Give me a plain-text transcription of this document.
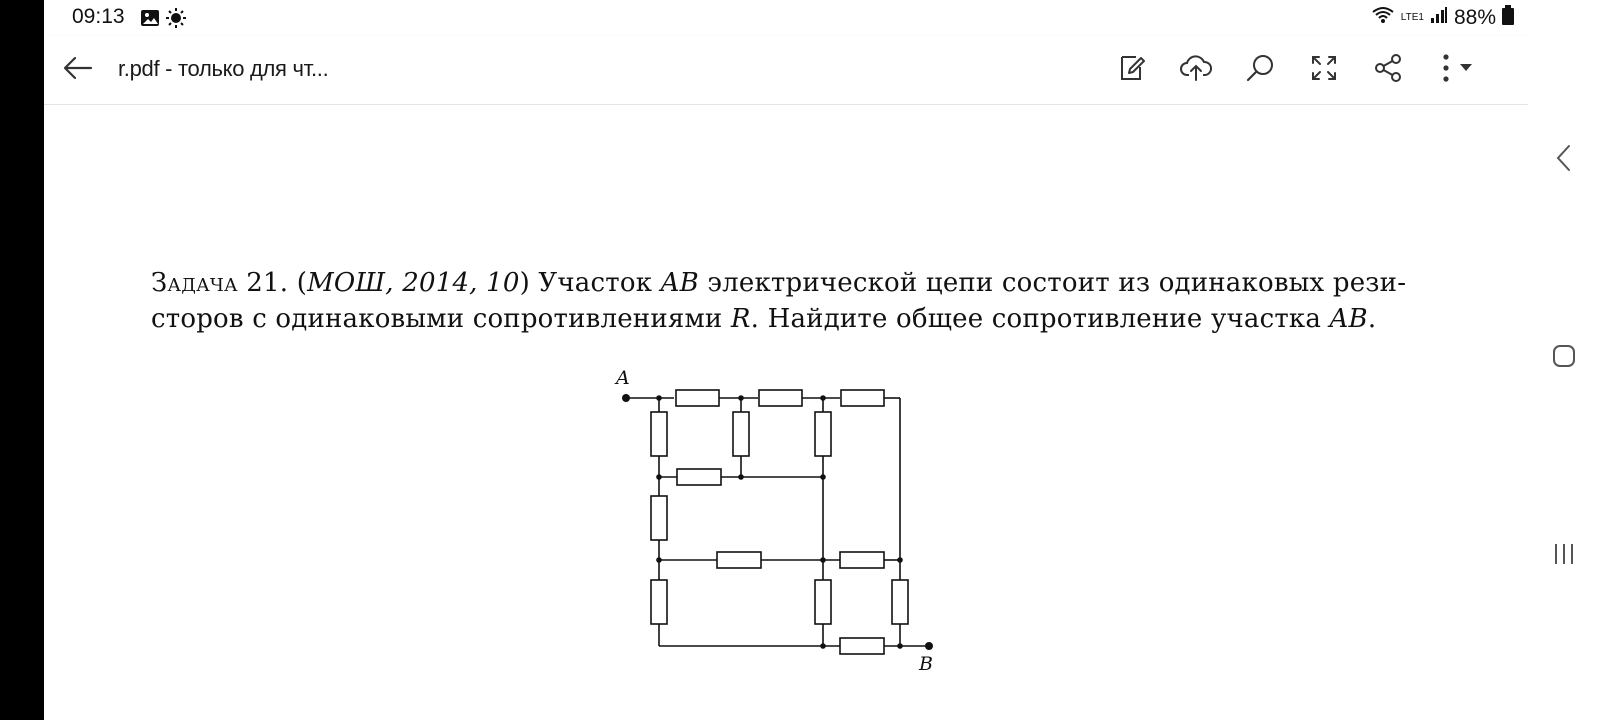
09:13	LTE1 88%
r.pdf - только для чт...
Задача 21. (МОШ, 2014, 10) Участок AB электрической цепи состоит из одинаковых рези-сторов с одинаковыми сопротивлениями R. Найдите общее сопротивление участка AB.
A
B
